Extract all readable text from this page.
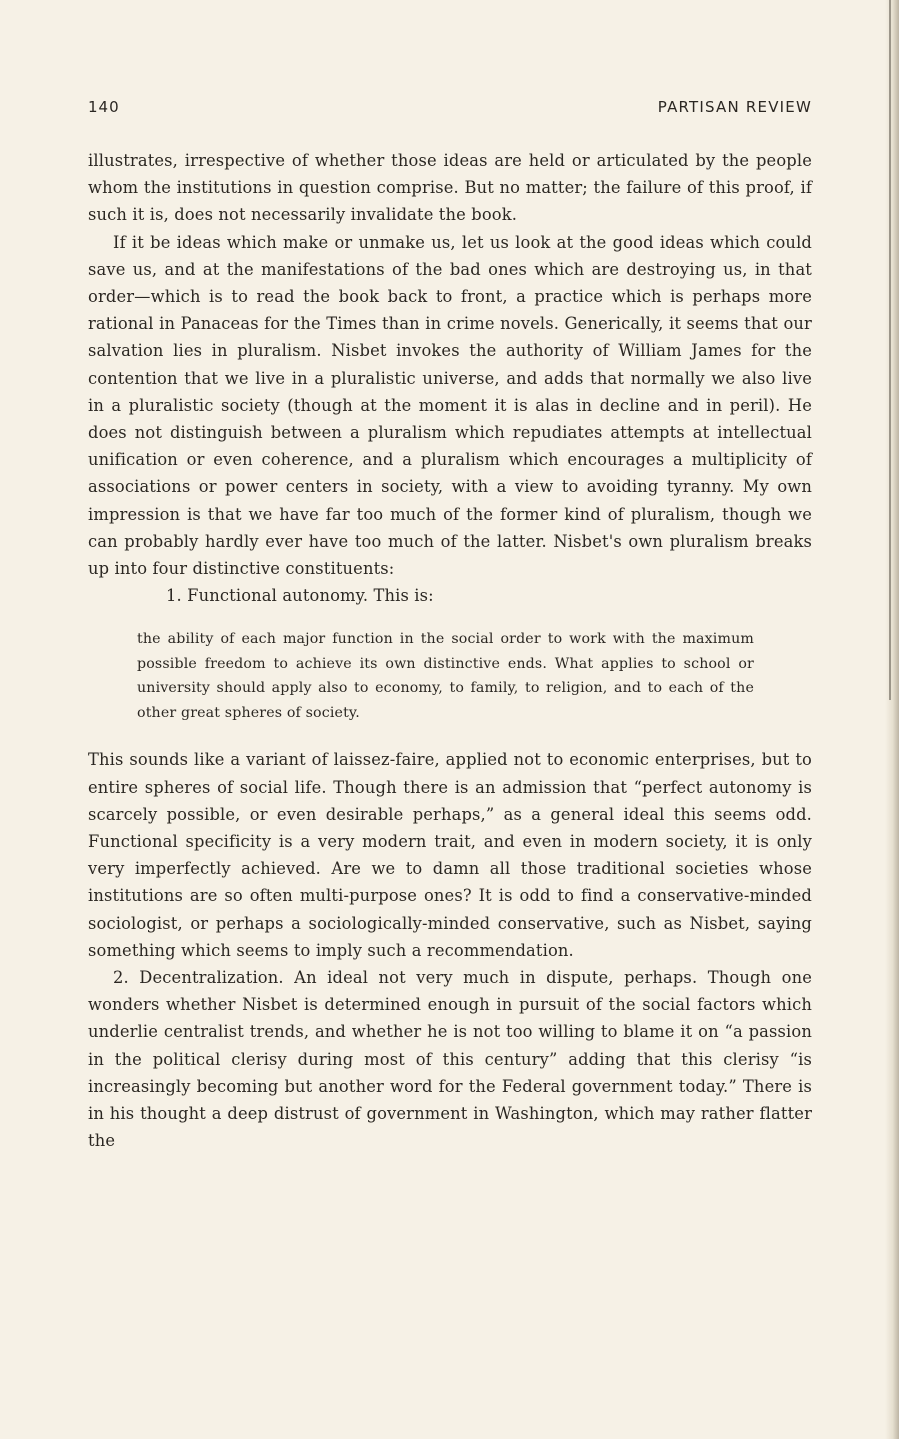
140	PARTISAN REVIEW

illustrates, irrespective of whether those ideas are held or articulated by the people whom the institutions in question comprise. But no matter; the failure of this proof, if such it is, does not necessarily invalidate the book.

If it be ideas which make or unmake us, let us look at the good ideas which could save us, and at the manifestations of the bad ones which are destroying us, in that order—which is to read the book back to front, a practice which is perhaps more rational in Panaceas for the Times than in crime novels. Generically, it seems that our salvation lies in pluralism. Nisbet invokes the authority of William James for the contention that we live in a pluralistic universe, and adds that normally we also live in a pluralistic society (though at the moment it is alas in decline and in peril). He does not distinguish between a pluralism which repudiates attempts at intellectual unification or even coherence, and a pluralism which encourages a multiplicity of associations or power centers in society, with a view to avoiding tyranny. My own impression is that we have far too much of the former kind of pluralism, though we can probably hardly ever have too much of the latter. Nisbet's own pluralism breaks up into four distinctive constituents:

1. Functional autonomy. This is:

the ability of each major function in the social order to work with the maximum possible freedom to achieve its own distinctive ends. What applies to school or university should apply also to economy, to family, to religion, and to each of the other great spheres of society.

This sounds like a variant of laissez-faire, applied not to economic enterprises, but to entire spheres of social life. Though there is an admission that “perfect autonomy is scarcely possible, or even desirable perhaps,” as a general ideal this seems odd. Functional specificity is a very modern trait, and even in modern society, it is only very imperfectly achieved. Are we to damn all those traditional societies whose institutions are so often multi-purpose ones? It is odd to find a conservative-minded sociologist, or perhaps a sociologically-minded conservative, such as Nisbet, saying something which seems to imply such a recommendation.

2. Decentralization. An ideal not very much in dispute, perhaps. Though one wonders whether Nisbet is determined enough in pursuit of the social factors which underlie centralist trends, and whether he is not too willing to blame it on “a passion in the political clerisy during most of this century” adding that this clerisy “is increasingly becoming but another word for the Federal government today.” There is in his thought a deep distrust of government in Washington, which may rather flatter the
